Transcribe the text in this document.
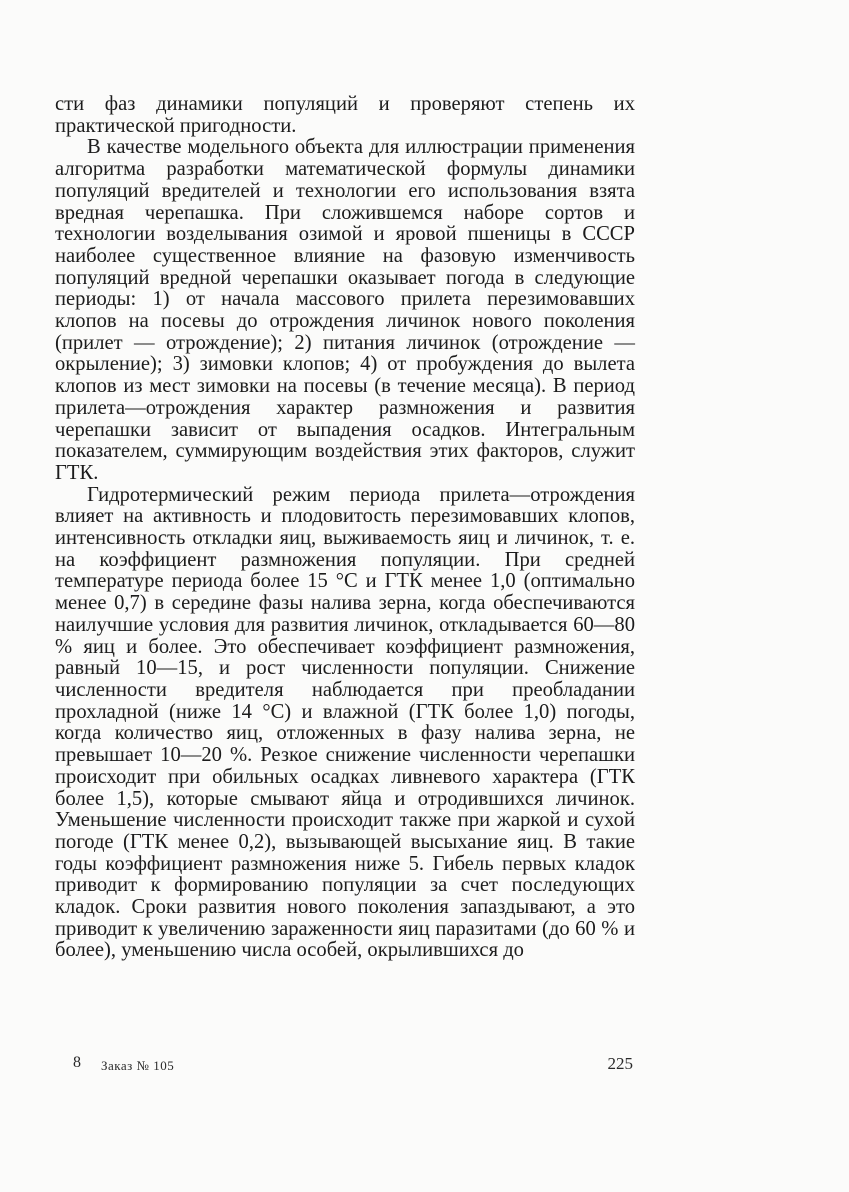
сти фаз динамики популяций и проверяют степень их практической пригодности.

В качестве модельного объекта для иллюстрации применения алгоритма разработки математической формулы динамики популяций вредителей и технологии его использования взята вредная черепашка. При сложившемся наборе сортов и технологии возделывания озимой и яровой пшеницы в СССР наиболее существенное влияние на фазовую изменчивость популяций вредной черепашки оказывает погода в следующие периоды: 1) от начала массового прилета перезимовавших клопов на посевы до отрождения личинок нового поколения (прилет — отрождение); 2) питания личинок (отрождение — окрыление); 3) зимовки клопов; 4) от пробуждения до вылета клопов из мест зимовки на посевы (в течение месяца). В период прилета—отрождения характер размножения и развития черепашки зависит от выпадения осадков. Интегральным показателем, суммирующим воздействия этих факторов, служит ГТК.

Гидротермический режим периода прилета—отрождения влияет на активность и плодовитость перезимовавших клопов, интенсивность откладки яиц, выживаемость яиц и личинок, т. е. на коэффициент размножения популяции. При средней температуре периода более 15 °С и ГТК менее 1,0 (оптимально менее 0,7) в середине фазы налива зерна, когда обеспечиваются наилучшие условия для развития личинок, откладывается 60—80 % яиц и более. Это обеспечивает коэффициент размножения, равный 10—15, и рост численности популяции. Снижение численности вредителя наблюдается при преобладании прохладной (ниже 14 °С) и влажной (ГТК более 1,0) погоды, когда количество яиц, отложенных в фазу налива зерна, не превышает 10—20 %. Резкое снижение численности черепашки происходит при обильных осадках ливневого характера (ГТК более 1,5), которые смывают яйца и отродившихся личинок. Уменьшение численности происходит также при жаркой и сухой погоде (ГТК менее 0,2), вызывающей высыхание яиц. В такие годы коэффициент размножения ниже 5. Гибель первых кладок приводит к формированию популяции за счет последующих кладок. Сроки развития нового поколения запаздывают, а это приводит к увеличению зараженности яиц паразитами (до 60 % и более), уменьшению числа особей, окрылившихся до

8 Заказ № 105	225
